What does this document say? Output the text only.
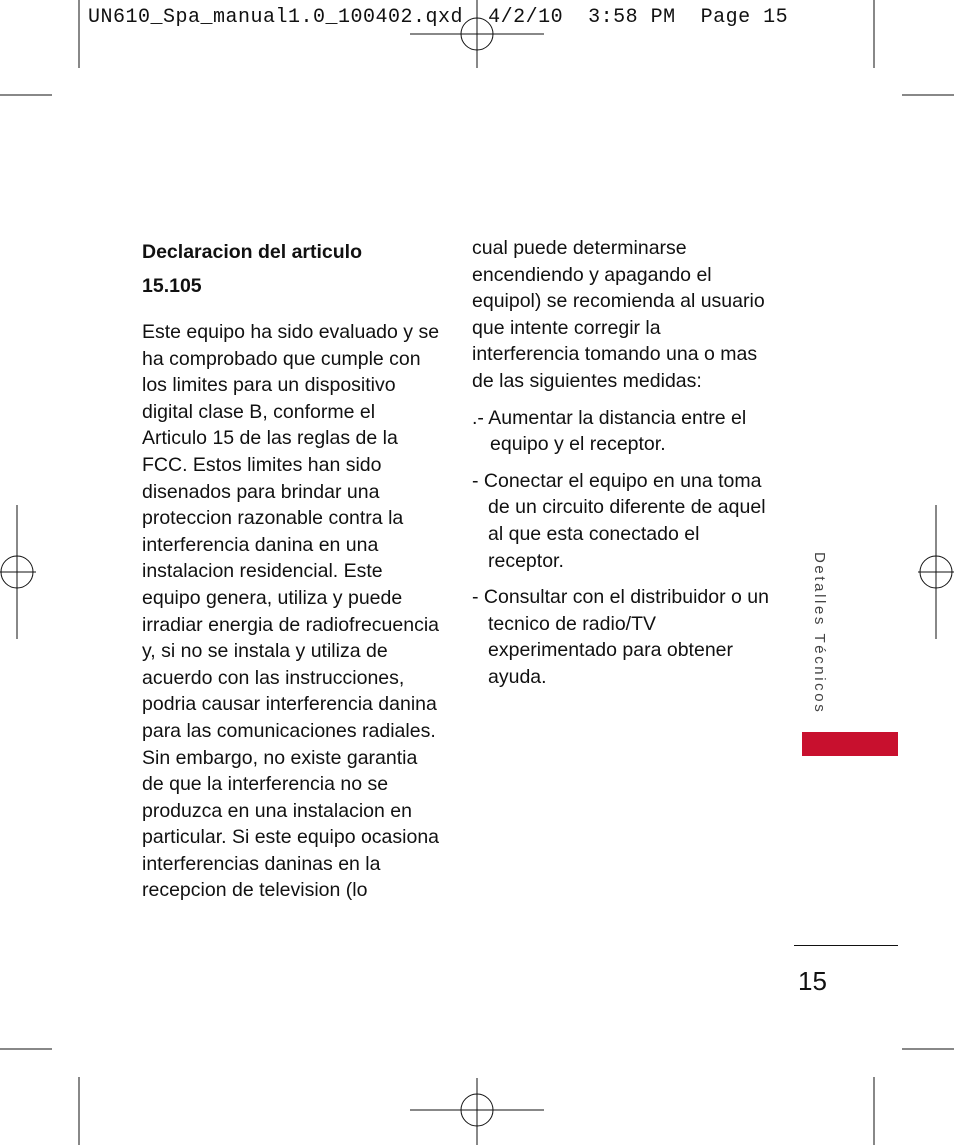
UN610_Spa_manual1.0_100402.qxd  4/2/10  3:58 PM  Page 15
Declaracion del articulo
15.105

Este equipo ha sido evaluado y se ha comprobado que cumple con los limites para un dispositivo digital clase B, conforme el Articulo 15 de las reglas de la FCC. Estos limites han sido disenados para brindar una proteccion razonable contra la interferencia danina en una instalacion residencial. Este equipo genera, utiliza y puede irradiar energia de radiofrecuencia y, si no se instala y utiliza de acuerdo con las instrucciones, podria causar interferencia danina para las comunicaciones radiales. Sin embargo, no existe garantia de que la interferencia no se produzca en una instalacion en particular. Si este equipo ocasiona interferencias daninas en la recepcion de television (lo

cual puede determinarse encendiendo y apagando el equipol) se recomienda al usuario que intente corregir la interferencia tomando una o mas de las siguientes medidas:

.- Aumentar la distancia entre el equipo y el receptor.

- Conectar el equipo en una toma de un circuito diferente de aquel al que esta conectado el receptor.

- Consultar con el distribuidor o un tecnico de radio/TV experimentado para obtener ayuda.	Detalles Técnicos
15
